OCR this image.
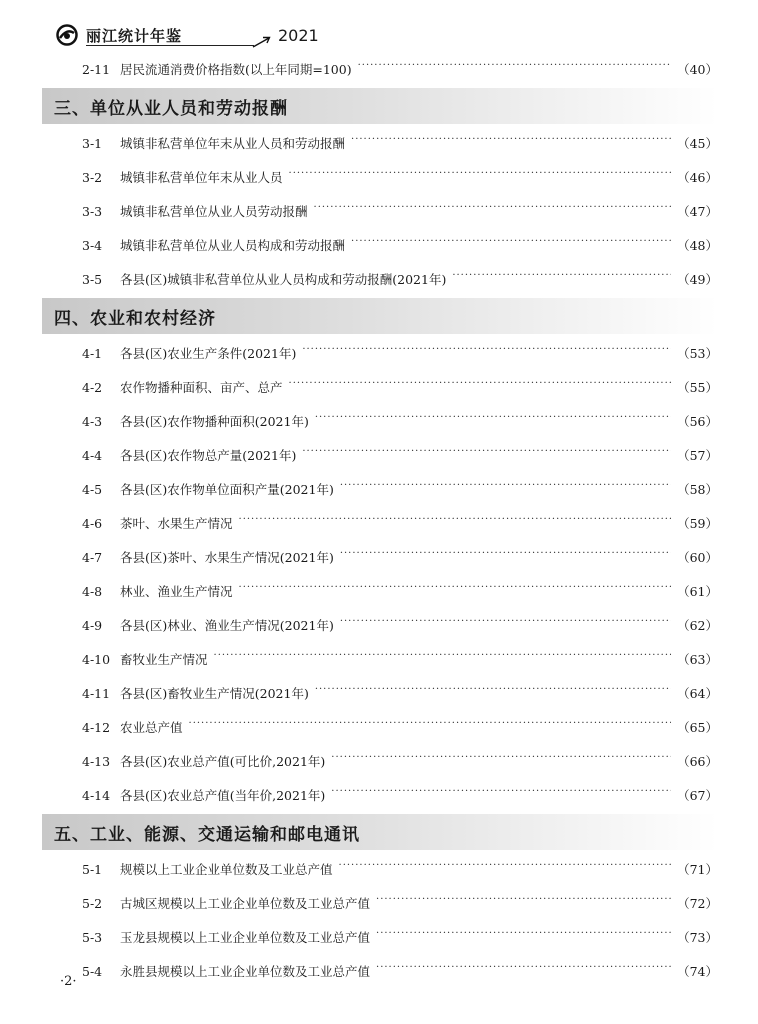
丽江统计年鉴	2021
2-11 居民流通消费价格指数(以上年同期=100) ·····	（40）
三、单位从业人员和劳动报酬
3-1	城镇非私营单位年末从业人员和劳动报酬 ·····	（45）
3-2	城镇非私营单位年末从业人员 ·····	（46）
3-3	城镇非私营单位从业人员劳动报酬 ·····	（47）
3-4	城镇非私营单位从业人员构成和劳动报酬 ·····	（48）
3-5	各县(区)城镇非私营单位从业人员构成和劳动报酬(2021年) ·····	（49）
四、农业和农村经济
4-1	各县(区)农业生产条件(2021年) ·····	（53）
4-2	农作物播种面积、亩产、总产 ·····	（55）
4-3	各县(区)农作物播种面积(2021年) ·····	（56）
4-4	各县(区)农作物总产量(2021年) ·····	（57）
4-5	各县(区)农作物单位面积产量(2021年) ·····	（58）
4-6	茶叶、水果生产情况 ·····	（59）
4-7	各县(区)茶叶、水果生产情况(2021年) ·····	（60）
4-8	林业、渔业生产情况 ·····	（61）
4-9	各县(区)林业、渔业生产情况(2021年) ·····	（62）
4-10 畜牧业生产情况 ·····	（63）
4-11 各县(区)畜牧业生产情况(2021年) ·····	（64）
4-12 农业总产值 ·····	（65）
4-13 各县(区)农业总产值(可比价,2021年) ·····	（66）
4-14 各县(区)农业总产值(当年价,2021年) ·····	（67）
五、工业、能源、交通运输和邮电通讯
5-1	规模以上工业企业单位数及工业总产值 ·····	（71）
5-2	古城区规模以上工业企业单位数及工业总产值 ·····	（72）
5-3	玉龙县规模以上工业企业单位数及工业总产值 ·····	（73）
5-4	永胜县规模以上工业企业单位数及工业总产值 ·····	（74）
·2·
